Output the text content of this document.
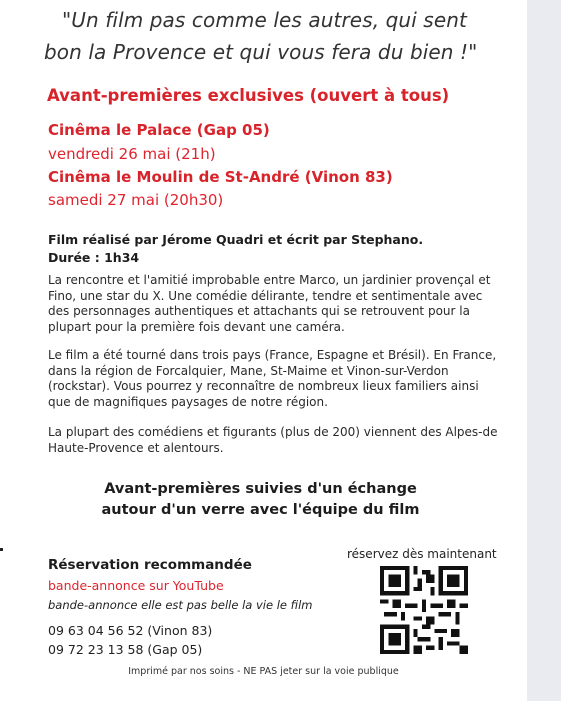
"Un film pas comme les autres, qui sent
bon la Provence et qui vous fera du bien !"
Avant-premières exclusives (ouvert à tous)
Cinêma le Palace (Gap 05)
vendredi 26 mai (21h)
Cinêma le Moulin de St-André (Vinon 83)
samedi 27 mai (20h30)
Film réalisé par Jérome Quadri et écrit par Stephano.
Durée : 1h34
La rencontre et l'amitié improbable entre Marco, un jardinier provençal et
Fino, une star du X. Une comédie délirante, tendre et sentimentale avec
des personnages authentiques et attachants qui se retrouvent pour la
plupart pour la première fois devant une caméra.
Le film a été tourné dans trois pays (France, Espagne et Brésil). En France,
dans la région de Forcalquier, Mane, St-Maime et Vinon-sur-Verdon
(rockstar). Vous pourrez y reconnaître de nombreux lieux familiers ainsi
que de magnifiques paysages de notre région.
La plupart des comédiens et figurants (plus de 200) viennent des Alpes-de
Haute-Provence et alentours.
Avant-premières suivies d'un échange
autour d'un verre avec l'équipe du film
Réservation recommandée
bande-annonce sur YouTube
bande-annonce elle est pas belle la vie le film
09 63 04 56 52 (Vinon 83)
09 72 23 13 58 (Gap 05)
réservez dès maintenant
Imprimé par nos soins - NE PAS jeter sur la voie publique
